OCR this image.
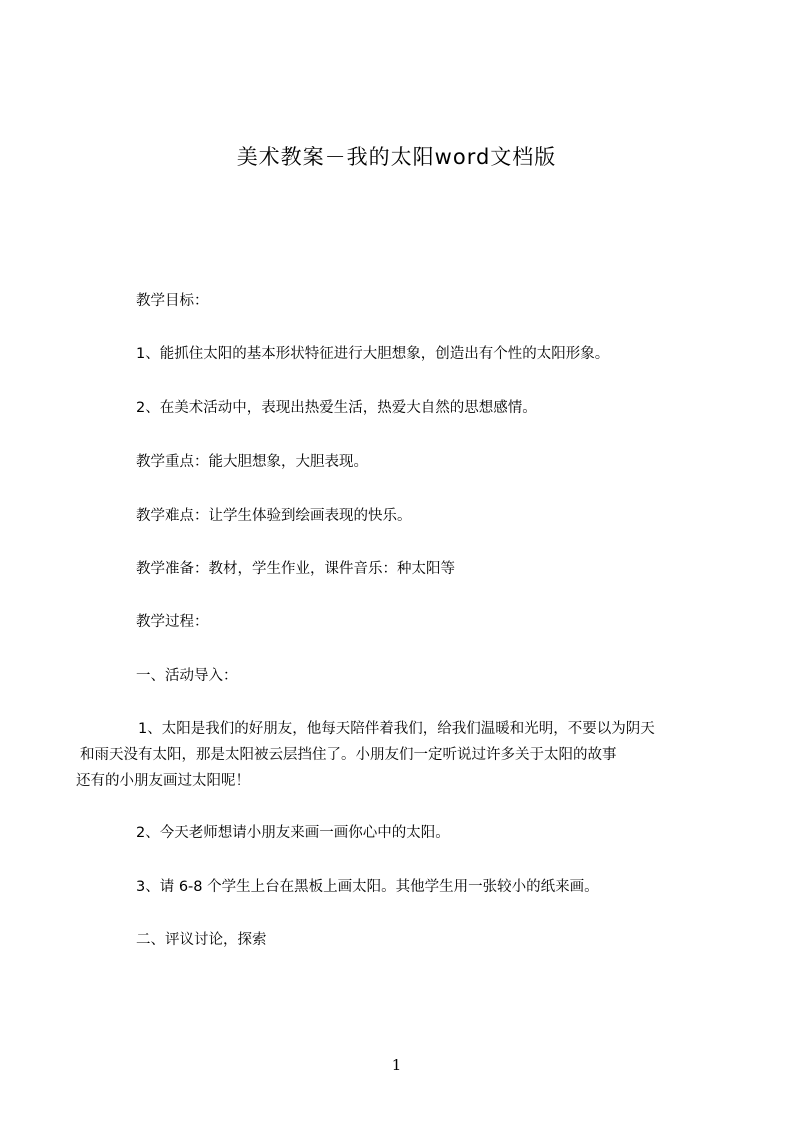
美术教案－我的太阳word文档版
教学目标：
1、能抓住太阳的基本形状特征进行大胆想象，创造出有个性的太阳形象。
2、在美术活动中，表现出热爱生活，热爱大自然的思想感情。
教学重点：能大胆想象，大胆表现。
教学难点：让学生体验到绘画表现的快乐。
教学准备：教材，学生作业，课件音乐：种太阳等
教学过程：
一、活动导入：
1、太阳是我们的好朋友，他每天陪伴着我们，给我们温暖和光明，不要以为阴天
和雨天没有太阳，那是太阳被云层挡住了。小朋友们一定听说过许多关于太阳的故事
还有的小朋友画过太阳呢！
2、今天老师想请小朋友来画一画你心中的太阳。
3、请 6-8 个学生上台在黑板上画太阳。其他学生用一张较小的纸来画。
二、评议讨论，探索
1
